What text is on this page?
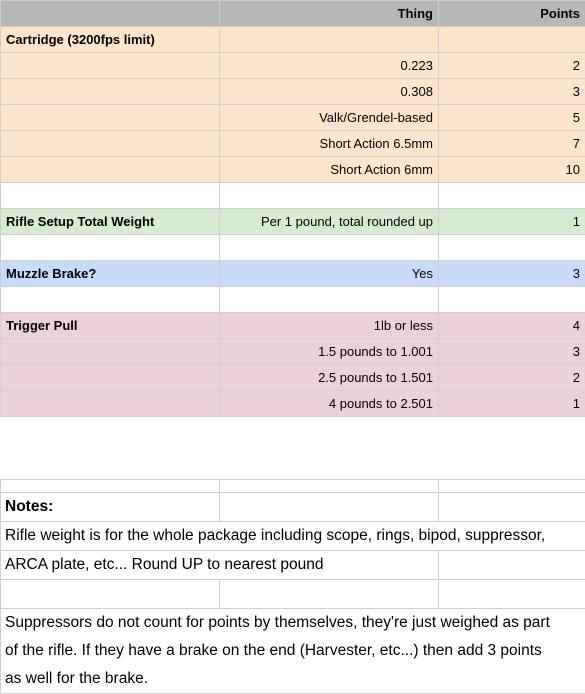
	Thing	Points
Cartridge (3200fps limit)		
	0.223	2
	0.308	3
	Valk/Grendel-based	5
	Short Action 6.5mm	7
	Short Action 6mm	10

Rifle Setup Total Weight	Per 1 pound, total rounded up	1

Muzzle Brake?	Yes	3

Trigger Pull	1lb or less	4
	1.5 pounds to 1.001	3
	2.5 pounds to 1.501	2
	4 pounds to 2.501	1

Notes:		
Rifle weight is for the whole package including scope, rings, bipod, suppressor,		
ARCA plate, etc... Round UP to nearest pound		

Suppressors do not count for points by themselves, they're just weighed as part		
of the rifle. If they have a brake on the end (Harvester, etc...) then add 3 points		
as well for the brake.		
